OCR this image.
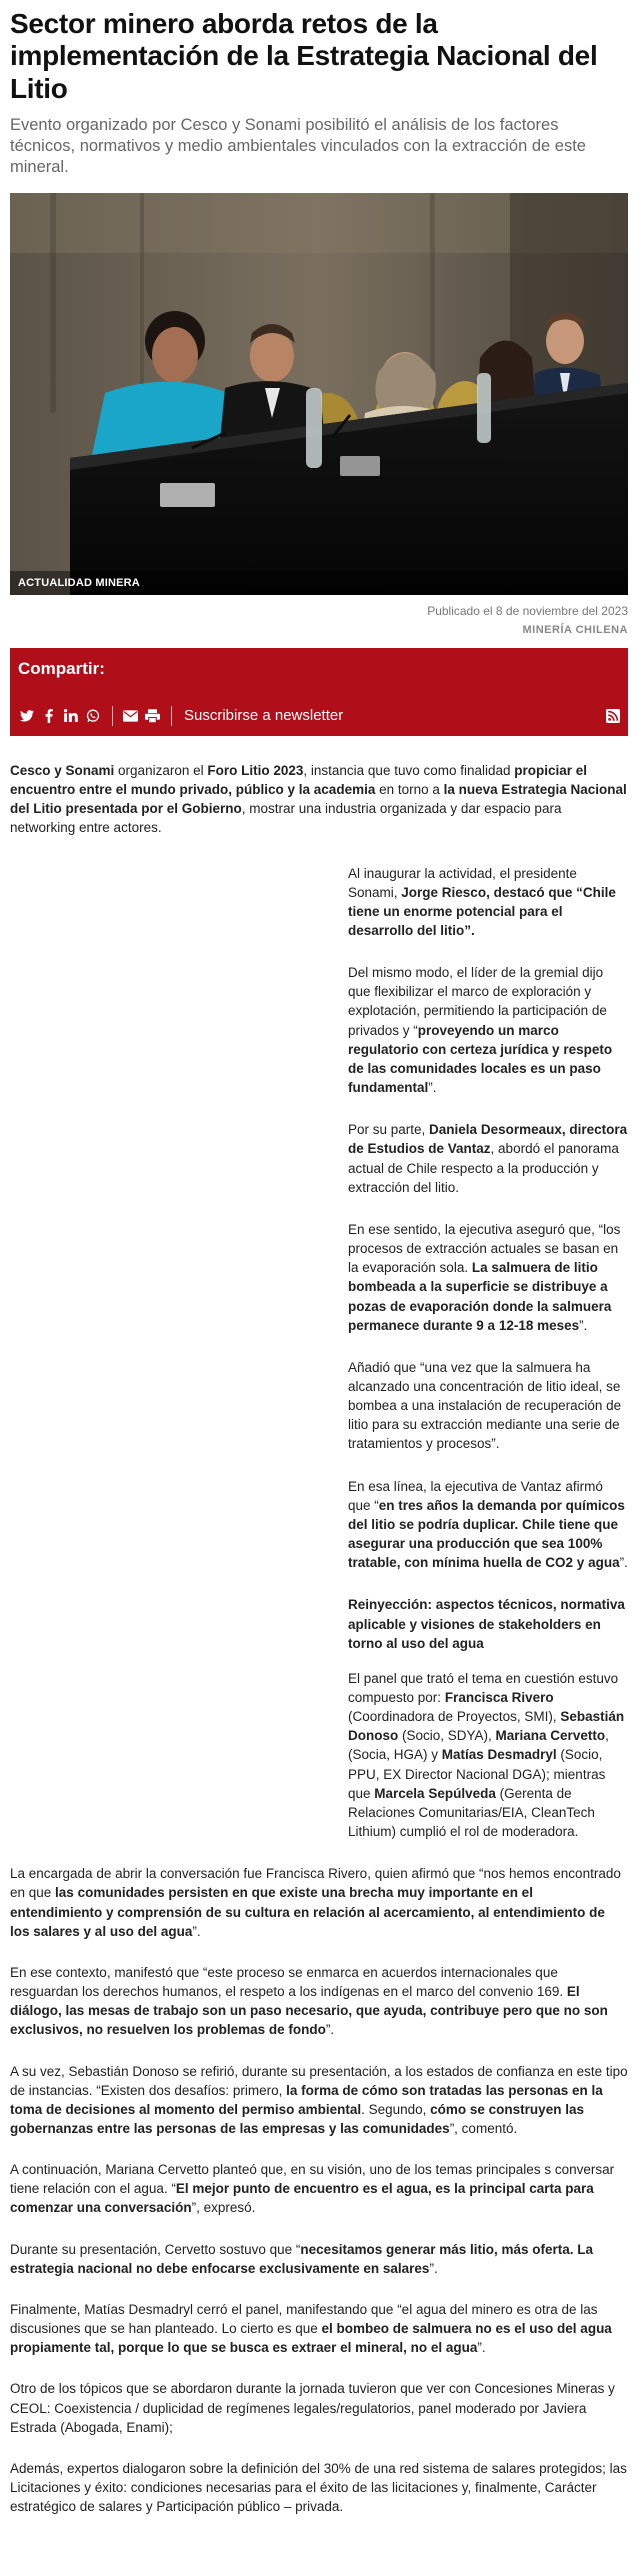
Sector minero aborda retos de la implementación de la Estrategia Nacional del Litio

Evento organizado por Cesco y Sonami posibilitó el análisis de los factores técnicos, normativos y medio ambientales vinculados con la extracción de este mineral.

ACTUALIDAD MINERA
Publicado el 8 de noviembre del 2023
MINERÍA CHILENA
Compartir:
Suscribirse a newsletter

Cesco y Sonami organizaron el Foro Litio 2023, instancia que tuvo como finalidad propiciar el encuentro entre el mundo privado, público y la academia en torno a la nueva Estrategia Nacional del Litio presentada por el Gobierno, mostrar una industria organizada y dar espacio para networking entre actores.

Al inaugurar la actividad, el presidente Sonami, Jorge Riesco, destacó que “Chile tiene un enorme potencial para el desarrollo del litio”.

Del mismo modo, el líder de la gremial dijo que flexibilizar el marco de exploración y explotación, permitiendo la participación de privados y “proveyendo un marco regulatorio con certeza jurídica y respeto de las comunidades locales es un paso fundamental”.

Por su parte, Daniela Desormeaux, directora de Estudios de Vantaz, abordó el panorama actual de Chile respecto a la producción y extracción del litio.

En ese sentido, la ejecutiva aseguró que, “los procesos de extracción actuales se basan en la evaporación sola. La salmuera de litio bombeada a la superficie se distribuye a pozas de evaporación donde la salmuera permanece durante 9 a 12-18 meses”.

Añadió que “una vez que la salmuera ha alcanzado una concentración de litio ideal, se bombea a una instalación de recuperación de litio para su extracción mediante una serie de tratamientos y procesos”.

En esa línea, la ejecutiva de Vantaz afirmó que “en tres años la demanda por químicos del litio se podría duplicar. Chile tiene que asegurar una producción que sea 100% tratable, con mínima huella de CO2 y agua”.

Reinyección: aspectos técnicos, normativa aplicable y visiones de stakeholders en torno al uso del agua

El panel que trató el tema en cuestión estuvo compuesto por: Francisca Rivero (Coordinadora de Proyectos, SMI), Sebastián Donoso (Socio, SDYA), Mariana Cervetto, (Socia, HGA) y Matías Desmadryl (Socio, PPU, EX Director Nacional DGA); mientras que Marcela Sepúlveda (Gerenta de Relaciones Comunitarias/EIA, CleanTech Lithium) cumplió el rol de moderadora.

La encargada de abrir la conversación fue Francisca Rivero, quien afirmó que “nos hemos encontrado en que las comunidades persisten en que existe una brecha muy importante en el entendimiento y comprensión de su cultura en relación al acercamiento, al entendimiento de los salares y al uso del agua”.

En ese contexto, manifestó que “este proceso se enmarca en acuerdos internacionales que resguardan los derechos humanos, el respeto a los indígenas en el marco del convenio 169. El diálogo, las mesas de trabajo son un paso necesario, que ayuda, contribuye pero que no son exclusivos, no resuelven los problemas de fondo”.

A su vez, Sebastián Donoso se refirió, durante su presentación, a los estados de confianza en este tipo de instancias. “Existen dos desafíos: primero, la forma de cómo son tratadas las personas en la toma de decisiones al momento del permiso ambiental. Segundo, cómo se construyen las gobernanzas entre las personas de las empresas y las comunidades”, comentó.

A continuación, Mariana Cervetto planteó que, en su visión, uno de los temas principales s conversar tiene relación con el agua. “El mejor punto de encuentro es el agua, es la principal carta para comenzar una conversación”, expresó.

Durante su presentación, Cervetto sostuvo que “necesitamos generar más litio, más oferta. La estrategia nacional no debe enfocarse exclusivamente en salares”.

Finalmente, Matías Desmadryl cerró el panel, manifestando que “el agua del minero es otra de las discusiones que se han planteado. Lo cierto es que el bombeo de salmuera no es el uso del agua propiamente tal, porque lo que se busca es extraer el mineral, no el agua”.

Otro de los tópicos que se abordaron durante la jornada tuvieron que ver con Concesiones Mineras y CEOL: Coexistencia / duplicidad de regímenes legales/regulatorios, panel moderado por Javiera Estrada (Abogada, Enami);

Además, expertos dialogaron sobre la definición del 30% de una red sistema de salares protegidos; las Licitaciones y éxito: condiciones necesarias para el éxito de las licitaciones y, finalmente, Carácter estratégico de salares y Participación público – privada.
